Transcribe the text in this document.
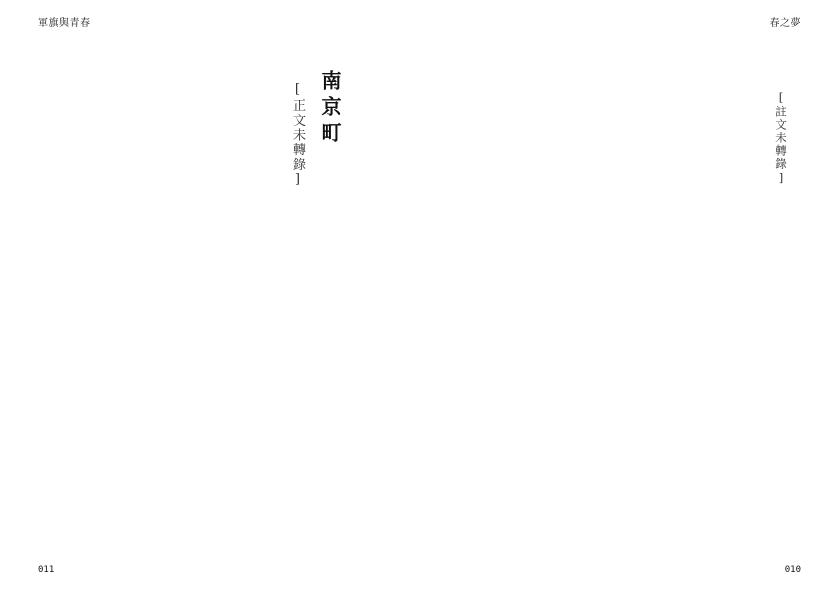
軍旗與青春
南京町
[正文未轉錄]
011
春之夢
[註文未轉錄]
010
